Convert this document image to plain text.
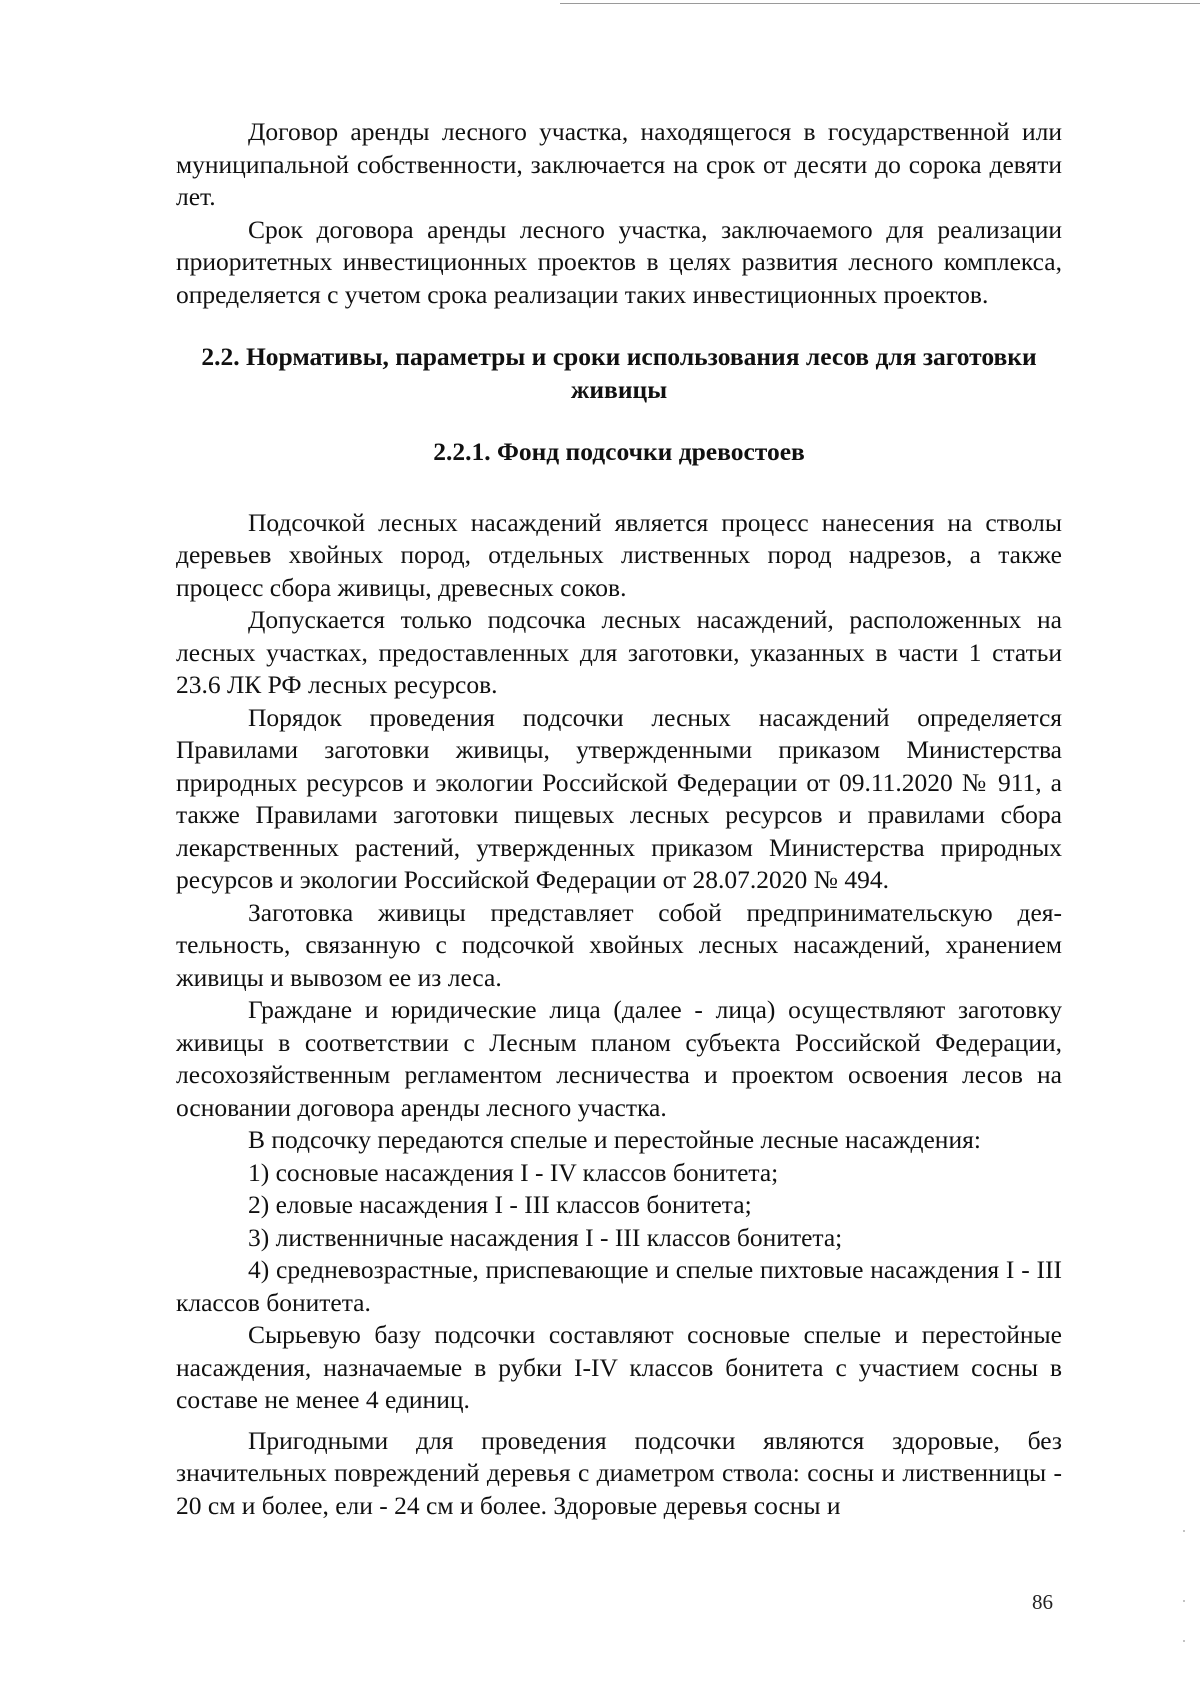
Договор аренды лесного участка, находящегося в государственной или муниципальной собственности, заключается на срок от десяти до сорока девяти лет.

Срок договора аренды лесного участка, заключаемого для реализации приоритетных инвестиционных проектов в целях развития лесного комплекса, определяется с учетом срока реализации таких инвестиционных проектов.

2.2. Нормативы, параметры и сроки использования лесов для заготовки живицы
2.2.1. Фонд подсочки древостоев

Подсочкой лесных насаждений является процесс нанесения на стволы деревьев хвойных пород, отдельных лиственных пород надрезов, а также процесс сбора живицы, древесных соков.

Допускается только подсочка лесных насаждений, расположенных на лесных участках, предоставленных для заготовки, указанных в части 1 статьи 23.6 ЛК РФ лесных ресурсов.

Порядок проведения подсочки лесных насаждений определяется Правилами заготовки живицы, утвержденными приказом Министерства природных ресурсов и экологии Российской Федерации от 09.11.2020 № 911, а также Правилами заготовки пищевых лесных ресурсов и правилами сбора лекарственных растений, утвержденных приказом Министерства природных ресурсов и экологии Российской Федерации от 28.07.2020 № 494.

Заготовка живицы представляет собой предпринимательскую деятельность, связанную с подсочкой хвойных лесных насаждений, хранением живицы и вывозом ее из леса.

Граждане и юридические лица (далее - лица) осуществляют заготовку живицы в соответствии с Лесным планом субъекта Российской Федерации, лесохозяйственным регламентом лесничества и проектом освоения лесов на основании договора аренды лесного участка.

В подсочку передаются спелые и перестойные лесные насаждения:

1) сосновые насаждения I - IV классов бонитета;

2) еловые насаждения I - III классов бонитета;

3) лиственничные насаждения I - III классов бонитета;

4) средневозрастные, приспевающие и спелые пихтовые насаждения I - III классов бонитета.

Сырьевую базу подсочки составляют сосновые спелые и перестойные насаждения, назначаемые в рубки I-IV классов бонитета с участием сосны в составе не менее 4 единиц.

Пригодными для проведения подсочки являются здоровые, без значительных повреждений деревья с диаметром ствола: сосны и лиственницы - 20 см и более, ели - 24 см и более. Здоровые деревья сосны и

86
